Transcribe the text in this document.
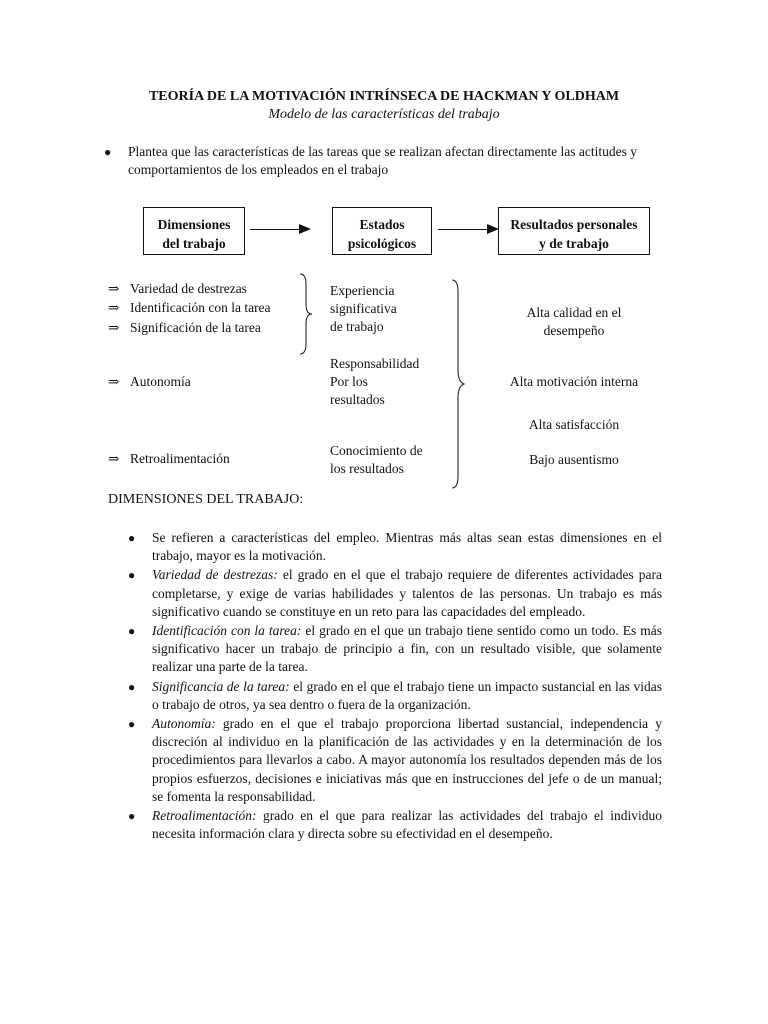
TEORÍA DE LA MOTIVACIÓN INTRÍNSECA DE HACKMAN Y OLDHAM
Modelo de las características del trabajo
● Plantea que las características de las tareas que se realizan afectan directamente las actitudes y comportamientos de los empleados en el trabajo
Dimensiones
del trabajo
Estados
psicológicos
Resultados personales
y de trabajo
⇒ Variedad de destrezas
⇒ Identificación con la tarea
⇒ Significación de la tarea
⇒ Autonomía
⇒ Retroalimentación
Experiencia
significativa
de trabajo
Responsabilidad
Por los
resultados
Conocimiento de
los resultados
Alta calidad en el
desempeño
Alta motivación interna
Alta satisfacción
Bajo ausentismo
DIMENSIONES DEL TRABAJO:
● Se refieren a características del empleo. Mientras más altas sean estas dimensiones en el trabajo, mayor es la motivación.
● Variedad de destrezas: el grado en el que el trabajo requiere de diferentes actividades para completarse, y exige de varias habilidades y talentos de las personas. Un trabajo es más significativo cuando se constituye en un reto para las capacidades del empleado.
● Identificación con la tarea: el grado en el que un trabajo tiene sentido como un todo. Es más significativo hacer un trabajo de principio a fin, con un resultado visible, que solamente realizar una parte de la tarea.
● Significancia de la tarea: el grado en el que el trabajo tiene un impacto sustancial en las vidas o trabajo de otros, ya sea dentro o fuera de la organización.
● Autonomía: grado en el que el trabajo proporciona libertad sustancial, independencia y discreción al individuo en la planificación de las actividades y en la determinación de los procedimientos para llevarlos a cabo. A mayor autonomía los resultados dependen más de los propios esfuerzos, decisiones e iniciativas más que en instrucciones del jefe o de un manual; se fomenta la responsabilidad.
● Retroalimentación: grado en el que para realizar las actividades del trabajo el individuo necesita información clara y directa sobre su efectividad en el desempeño.
